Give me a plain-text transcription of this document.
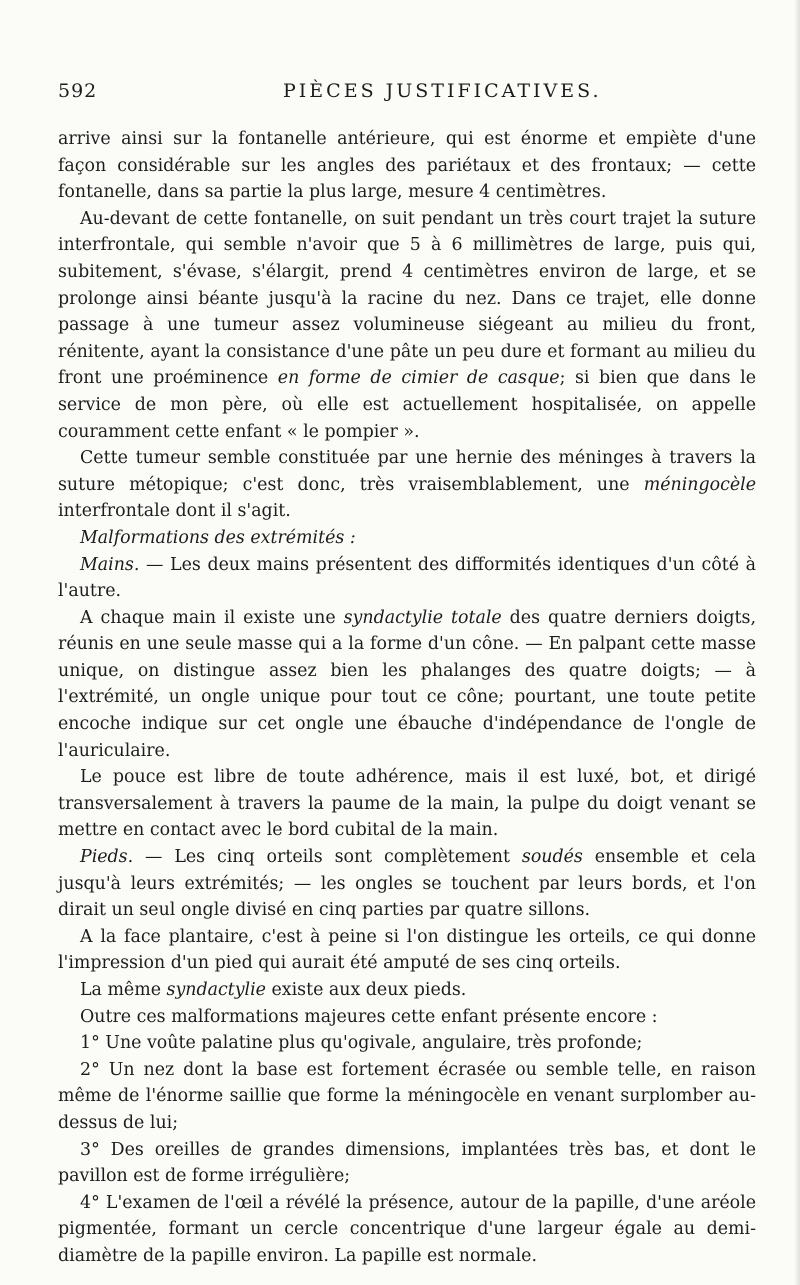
592	PIÈCES JUSTIFICATIVES.

arrive ainsi sur la fontanelle antérieure, qui est énorme et empiète d'une façon considérable sur les angles des pariétaux et des frontaux; — cette fontanelle, dans sa partie la plus large, mesure 4 centimètres.

Au-devant de cette fontanelle, on suit pendant un très court trajet la suture interfrontale, qui semble n'avoir que 5 à 6 millimètres de large, puis qui, subitement, s'évase, s'élargit, prend 4 centimètres environ de large, et se prolonge ainsi béante jusqu'à la racine du nez. Dans ce trajet, elle donne passage à une tumeur assez volumineuse siégeant au milieu du front, rénitente, ayant la consistance d'une pâte un peu dure et formant au milieu du front une proéminence en forme de cimier de casque; si bien que dans le service de mon père, où elle est actuellement hospitalisée, on appelle couramment cette enfant « le pompier ».

Cette tumeur semble constituée par une hernie des méninges à travers la suture métopique; c'est donc, très vraisemblablement, une méningocèle interfrontale dont il s'agit.

Malformations des extrémités :

Mains. — Les deux mains présentent des difformités identiques d'un côté à l'autre.

A chaque main il existe une syndactylie totale des quatre derniers doigts, réunis en une seule masse qui a la forme d'un cône. — En palpant cette masse unique, on distingue assez bien les phalanges des quatre doigts; — à l'extrémité, un ongle unique pour tout ce cône; pourtant, une toute petite encoche indique sur cet ongle une ébauche d'indépendance de l'ongle de l'auriculaire.

Le pouce est libre de toute adhérence, mais il est luxé, bot, et dirigé transversalement à travers la paume de la main, la pulpe du doigt venant se mettre en contact avec le bord cubital de la main.

Pieds. — Les cinq orteils sont complètement soudés ensemble et cela jusqu'à leurs extrémités; — les ongles se touchent par leurs bords, et l'on dirait un seul ongle divisé en cinq parties par quatre sillons.

A la face plantaire, c'est à peine si l'on distingue les orteils, ce qui donne l'impression d'un pied qui aurait été amputé de ses cinq orteils.

La même syndactylie existe aux deux pieds.

Outre ces malformations majeures cette enfant présente encore :

1° Une voûte palatine plus qu'ogivale, angulaire, très profonde;

2° Un nez dont la base est fortement écrasée ou semble telle, en raison même de l'énorme saillie que forme la méningocèle en venant surplomber au-dessus de lui;

3° Des oreilles de grandes dimensions, implantées très bas, et dont le pavillon est de forme irrégulière;

4° L'examen de l'œil a révélé la présence, autour de la papille, d'une aréole pigmentée, formant un cercle concentrique d'une largeur égale au demi-diamètre de la papille environ. La papille est normale.
